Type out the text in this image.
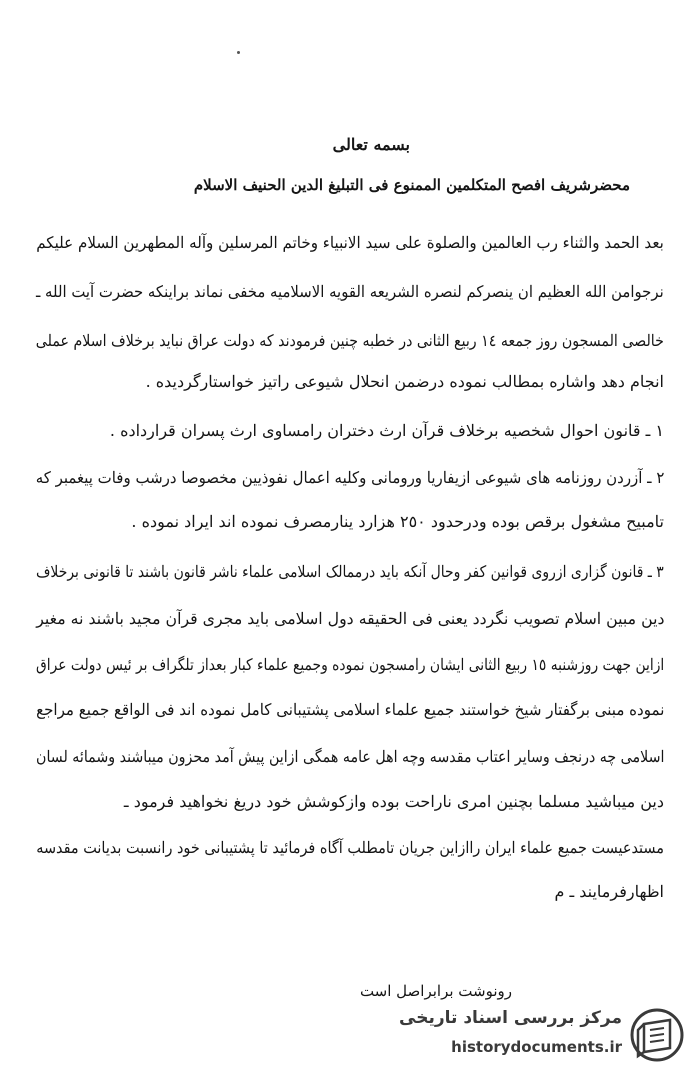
بسمه تعالی
محضرشریف افصح المتکلمین الممنوع فی التبلیغ الدین الحنیف الاسلام
بعد الحمد والثناء رب العالمین والصلوة علی سید الانبیاء وخاتم المرسلین وآله المطهرین السلام علیکم
نرجوامن الله العظیم ان ینصرکم لنصره الشریعه القویه الاسلامیه مخفی نماند براینکه حضرت آیت الله ـ
خالصی المسجون روز جمعه ١٤ ربیع الثانی در خطبه چنین فرمودند که دولت عراق نباید برخلاف اسلام عملی
انجام دهد واشاره بمطالب نموده درضمن انحلال شیوعی راتیز خواستارگردیده .
١ ـ قانون احوال شخصیه برخلاف قرآن ارث دختران رامساوی ارث پسران قرارداده .
٢ ـ آزردن روزنامه های شیوعی ازیفاریا ورومانی وکلیه اعمال نفوذیین مخصوصا درشب وفات پیغمبر که
تامبیح مشغول برقص بوده ودرحدود ٢٥٠ هزارد ینارمصرف نموده اند ایراد نموده .
٣ ـ قانون گزاری ازروی قوانین کفر وحال آنکه باید درممالک اسلامی علماء ناشر قانون باشند تا قانونی برخلاف
دین مبین اسلام تصویب نگردد یعنی فی الحقیقه دول اسلامی باید مجری قرآن مجید باشند نه مغیر
ازاین جهت روزشنبه ١٥ ربیع الثانی ایشان رامسجون نموده وجمیع علماء کبار بعداز تلگراف بر ئیس دولت عراق
نموده مبنی برگفتار شیخ خواستند جمیع علماء اسلامی پشتیبانی کامل نموده اند فی الواقع جمیع مراجع
اسلامی چه درنجف وسایر اعتاب مقدسه وچه اهل عامه همگی ازاین پیش آمد محزون میباشند وشمائه لسان
دین میباشید مسلما بچنین امری ناراحت بوده وازکوشش خود دریغ نخواهید فرمود ـ
مستدعیست جمیع علماء ایران راازاین جریان تامطلب آگاه فرمائید تا پشتیبانی خود رانسبت بدیانت مقدسه
اظهارفرمایند ـ م
رونوشت برابراصل است
مرکز بررسی اسناد تاریخی
historydocuments.ir
